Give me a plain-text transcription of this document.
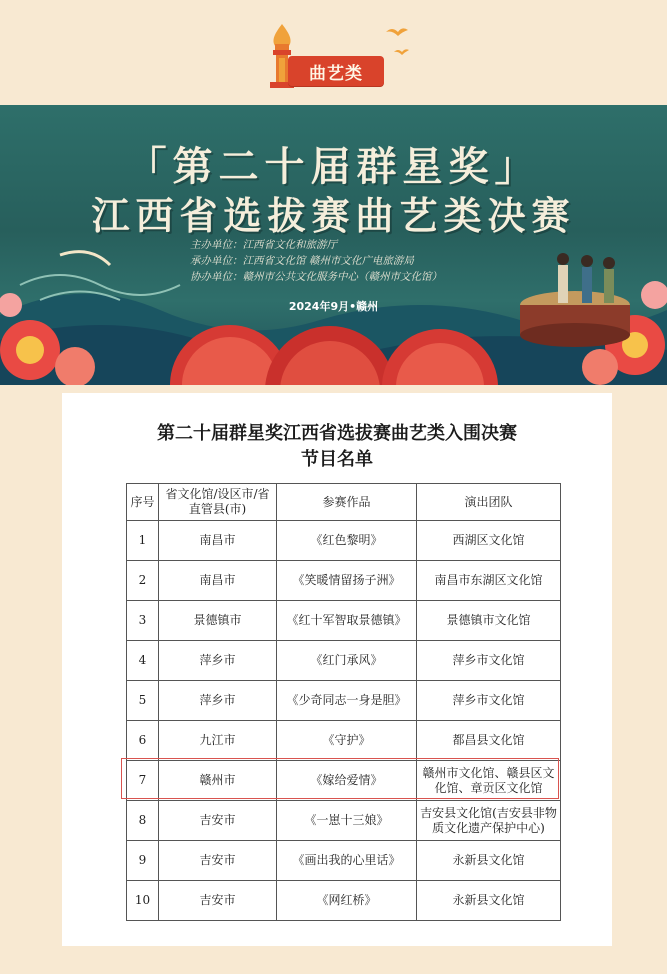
曲艺类
「第二十届群星奖」
江西省选拔赛曲艺类决赛
主办单位：江西省文化和旅游厅
承办单位：江西省文化馆 赣州市文化广电旅游局
协办单位：赣州市公共文化服务中心（赣州市文化馆）
2024年9月•赣州
第二十届群星奖江西省选拔赛曲艺类入围决赛
节目名单
序号	省文化馆/设区市/省直管县(市)	参赛作品	演出团队
1	南昌市	《红色黎明》	西湖区文化馆
2	南昌市	《笑暖情留扬子洲》	南昌市东湖区文化馆
3	景德镇市	《红十军智取景德镇》	景德镇市文化馆
4	萍乡市	《红门承风》	萍乡市文化馆
5	萍乡市	《少奇同志一身是胆》	萍乡市文化馆
6	九江市	《守护》	都昌县文化馆
7	赣州市	《嫁给爱情》	赣州市文化馆、赣县区文化馆、章贡区文化馆
8	吉安市	《一崽十三娘》	吉安县文化馆(吉安县非物质文化遗产保护中心)
9	吉安市	《画出我的心里话》	永新县文化馆
10	吉安市	《网红桥》	永新县文化馆
